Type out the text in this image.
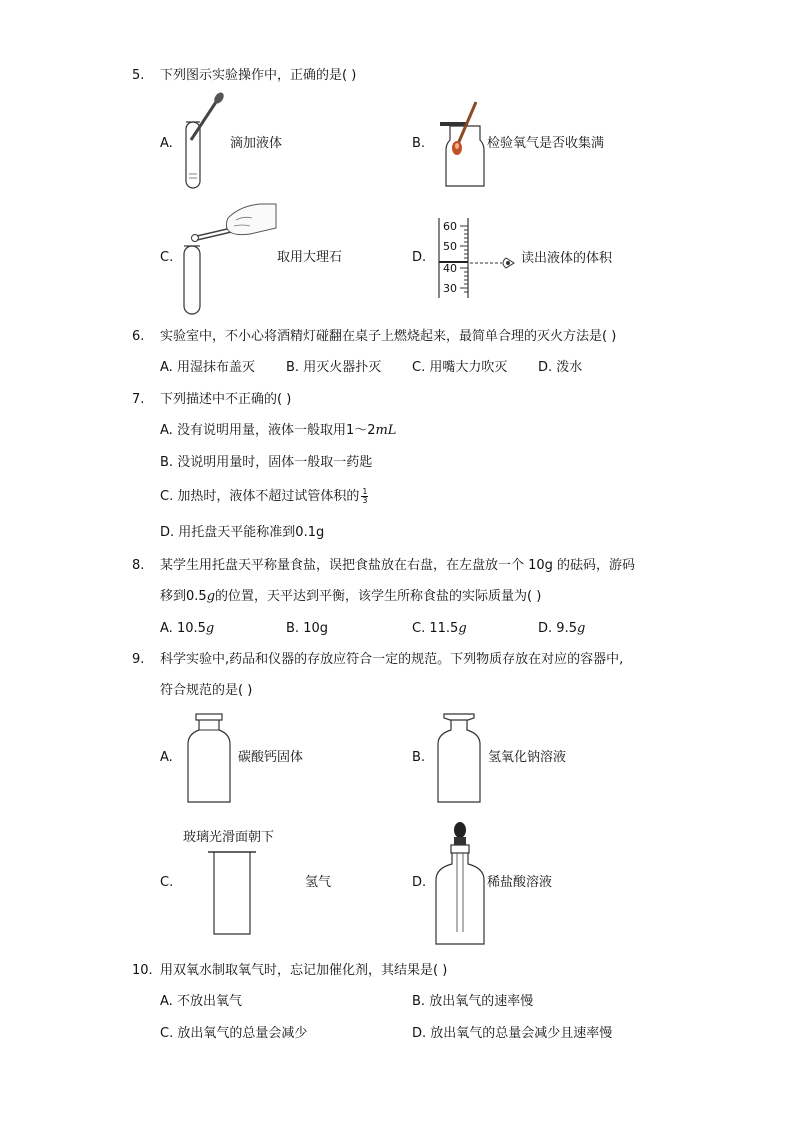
5. 下列图示实验操作中，正确的是( )
A.	滴加液体	B.	检验氧气是否收集满
C.	取用大理石	D.
60
50
40
30
读出液体的体积
6. 实验室中，不小心将酒精灯碰翻在桌子上燃烧起来，最简单合理的灭火方法是( )
A. 用湿抹布盖灭 B. 用灭火器扑灭 C. 用嘴大力吹灭 D. 泼水
7. 下列描述中不正确的( )
A. 没有说明用量，液体一般取用1～2mL
B. 没说明用量时，固体一般取一药匙
C. 加热时，液体不超过试管体积的 $\frac{1}{3}$
D. 用托盘天平能称准到0.1g
8. 某学生用托盘天平称量食盐，误把食盐放在右盘，在左盘放一个 10g 的砝码，游码
移到0.5g的位置，天平达到平衡，该学生所称食盐的实际质量为( )
A. 10.5g	B. 10g	C. 11.5g	D. 9.5g
9. 科学实验中,药品和仪器的存放应符合一定的规范。下列物质存放在对应的容器中,
符合规范的是( )
A.	碳酸钙固体	B.	氢氧化钠溶液
玻璃光滑面朝下
C.	氢气	D.	稀盐酸溶液
10. 用双氧水制取氧气时，忘记加催化剂，其结果是( )
A. 不放出氧气	B. 放出氧气的速率慢
C. 放出氧气的总量会减少	D. 放出氧气的总量会减少且速率慢
